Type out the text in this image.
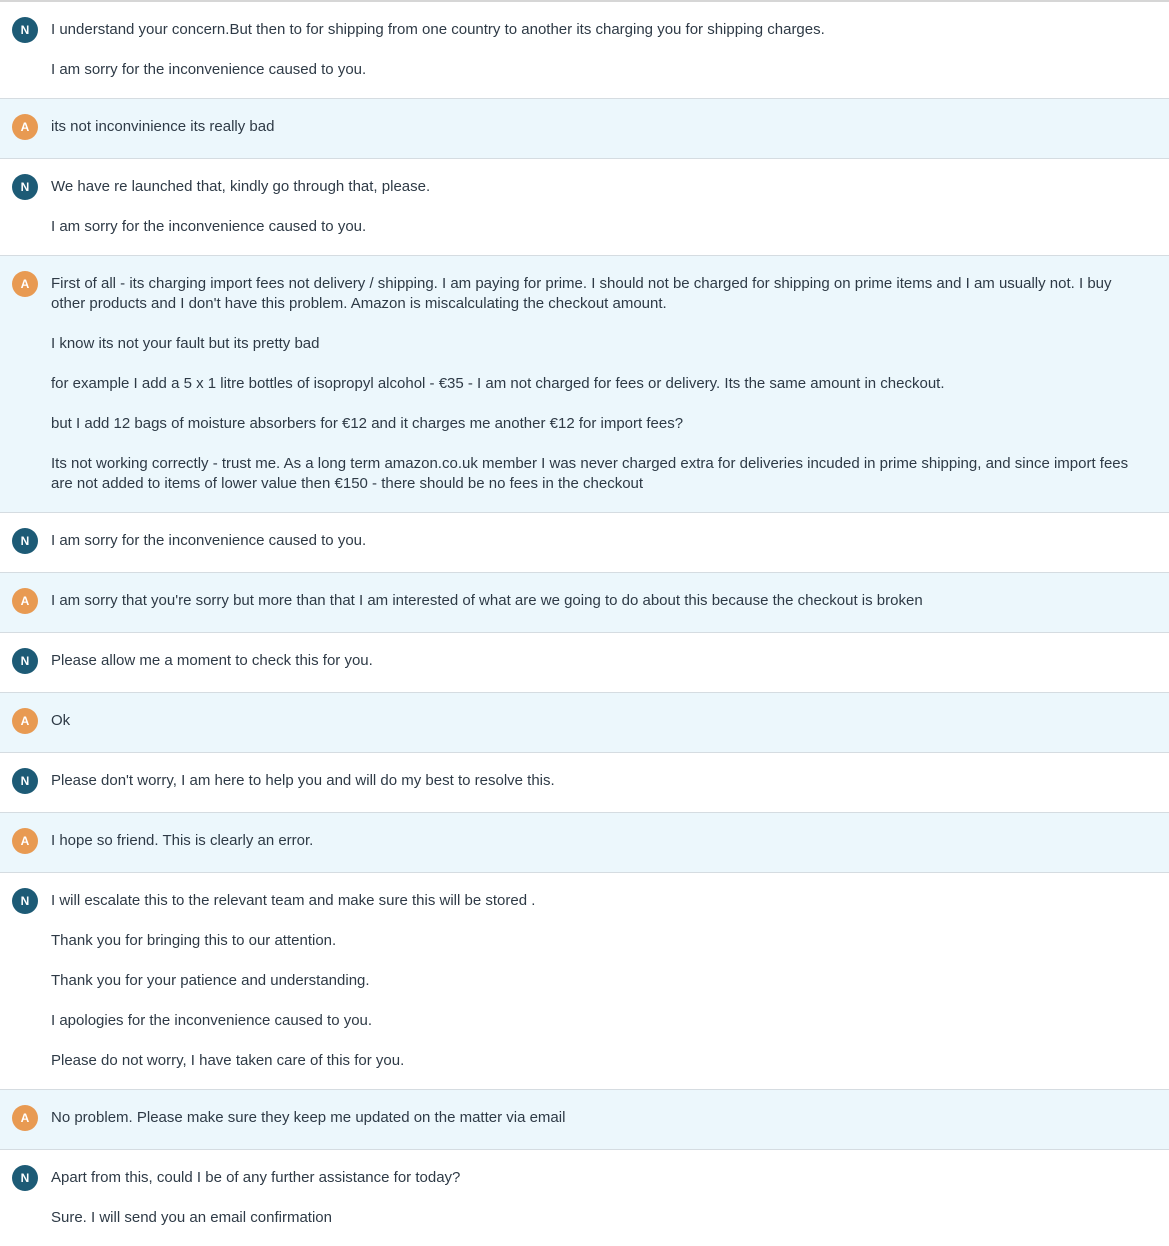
N	I understand your concern.But then to for shipping from one country to another its charging you for shipping charges.

I am sorry for the inconvenience caused to you.

A	its not inconvinience its really bad

N	We have re launched that, kindly go through that, please.

I am sorry for the inconvenience caused to you.

A	First of all - its charging import fees not delivery / shipping. I am paying for prime. I should not be charged for shipping on prime items and I am usually not. I buy other products and I don't have this problem. Amazon is miscalculating the checkout amount.

I know its not your fault but its pretty bad

for example I add a 5 x 1 litre bottles of isopropyl alcohol - €35 - I am not charged for fees or delivery. Its the same amount in checkout.

but I add 12 bags of moisture absorbers for €12 and it charges me another €12 for import fees?

Its not working correctly - trust me. As a long term amazon.co.uk member I was never charged extra for deliveries incuded in prime shipping, and since import fees are not added to items of lower value then €150 - there should be no fees in the checkout

N	I am sorry for the inconvenience caused to you.

A	I am sorry that you're sorry but more than that I am interested of what are we going to do about this because the checkout is broken

N	Please allow me a moment to check this for you.

A	Ok

N	Please don't worry, I am here to help you and will do my best to resolve this.

A	I hope so friend. This is clearly an error.

N	I will escalate this to the relevant team and make sure this will be stored .

Thank you for bringing this to our attention.

Thank you for your patience and understanding.

I apologies for the inconvenience caused to you.

Please do not worry, I have taken care of this for you.

A	No problem. Please make sure they keep me updated on the matter via email

N	Apart from this, could I be of any further assistance for today?

Sure. I will send you an email confirmation
